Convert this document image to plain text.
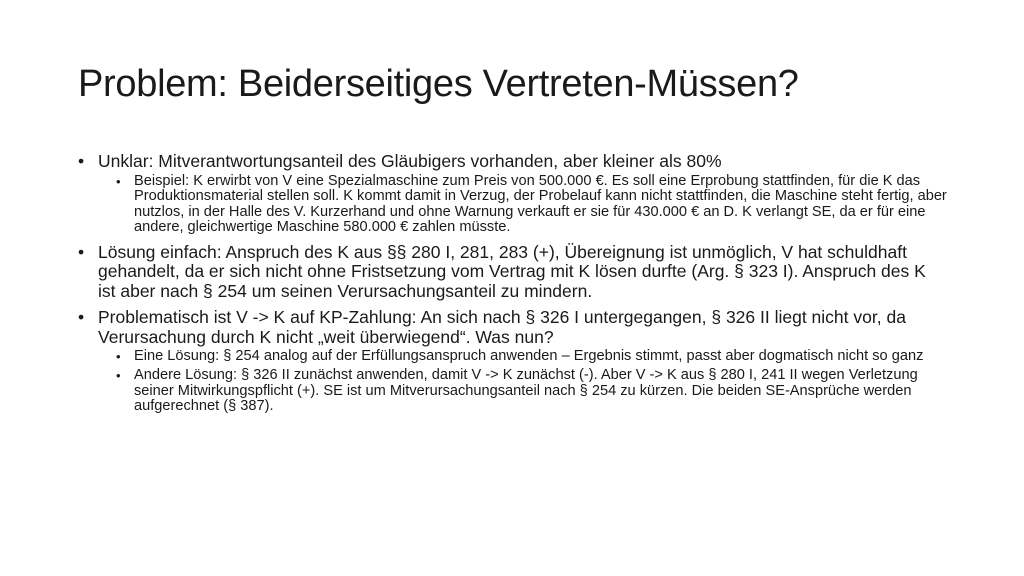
Problem: Beiderseitiges Vertreten-Müssen?
• Unklar: Mitverantwortungsanteil des Gläubigers vorhanden, aber kleiner als 80%
• Beispiel: K erwirbt von V eine Spezialmaschine zum Preis von 500.000 €. Es soll eine Erprobung stattfinden, für die K das Produktionsmaterial stellen soll. K kommt damit in Verzug, der Probelauf kann nicht stattfinden, die Maschine steht fertig, aber nutzlos, in der Halle des V. Kurzerhand und ohne Warnung verkauft er sie für 430.000 € an D. K verlangt SE, da er für eine andere, gleichwertige Maschine 580.000 € zahlen müsste.
• Lösung einfach: Anspruch des K aus §§ 280 I, 281, 283 (+), Übereignung ist unmöglich, V hat schuldhaft gehandelt, da er sich nicht ohne Fristsetzung vom Vertrag mit K lösen durfte (Arg. § 323 I). Anspruch des K ist aber nach § 254 um seinen Verursachungsanteil zu mindern.
• Problematisch ist V -> K auf KP-Zahlung: An sich nach § 326 I untergegangen, § 326 II liegt nicht vor, da Verursachung durch K nicht „weit überwiegend“. Was nun?
• Eine Lösung: § 254 analog auf der Erfüllungsanspruch anwenden – Ergebnis stimmt, passt aber dogmatisch nicht so ganz
• Andere Lösung: § 326 II zunächst anwenden, damit V -> K zunächst (-). Aber V -> K aus § 280 I, 241 II wegen Verletzung seiner Mitwirkungspflicht (+). SE ist um Mitverursachungsanteil nach § 254 zu kürzen. Die beiden SE-Ansprüche werden aufgerechnet (§ 387).
